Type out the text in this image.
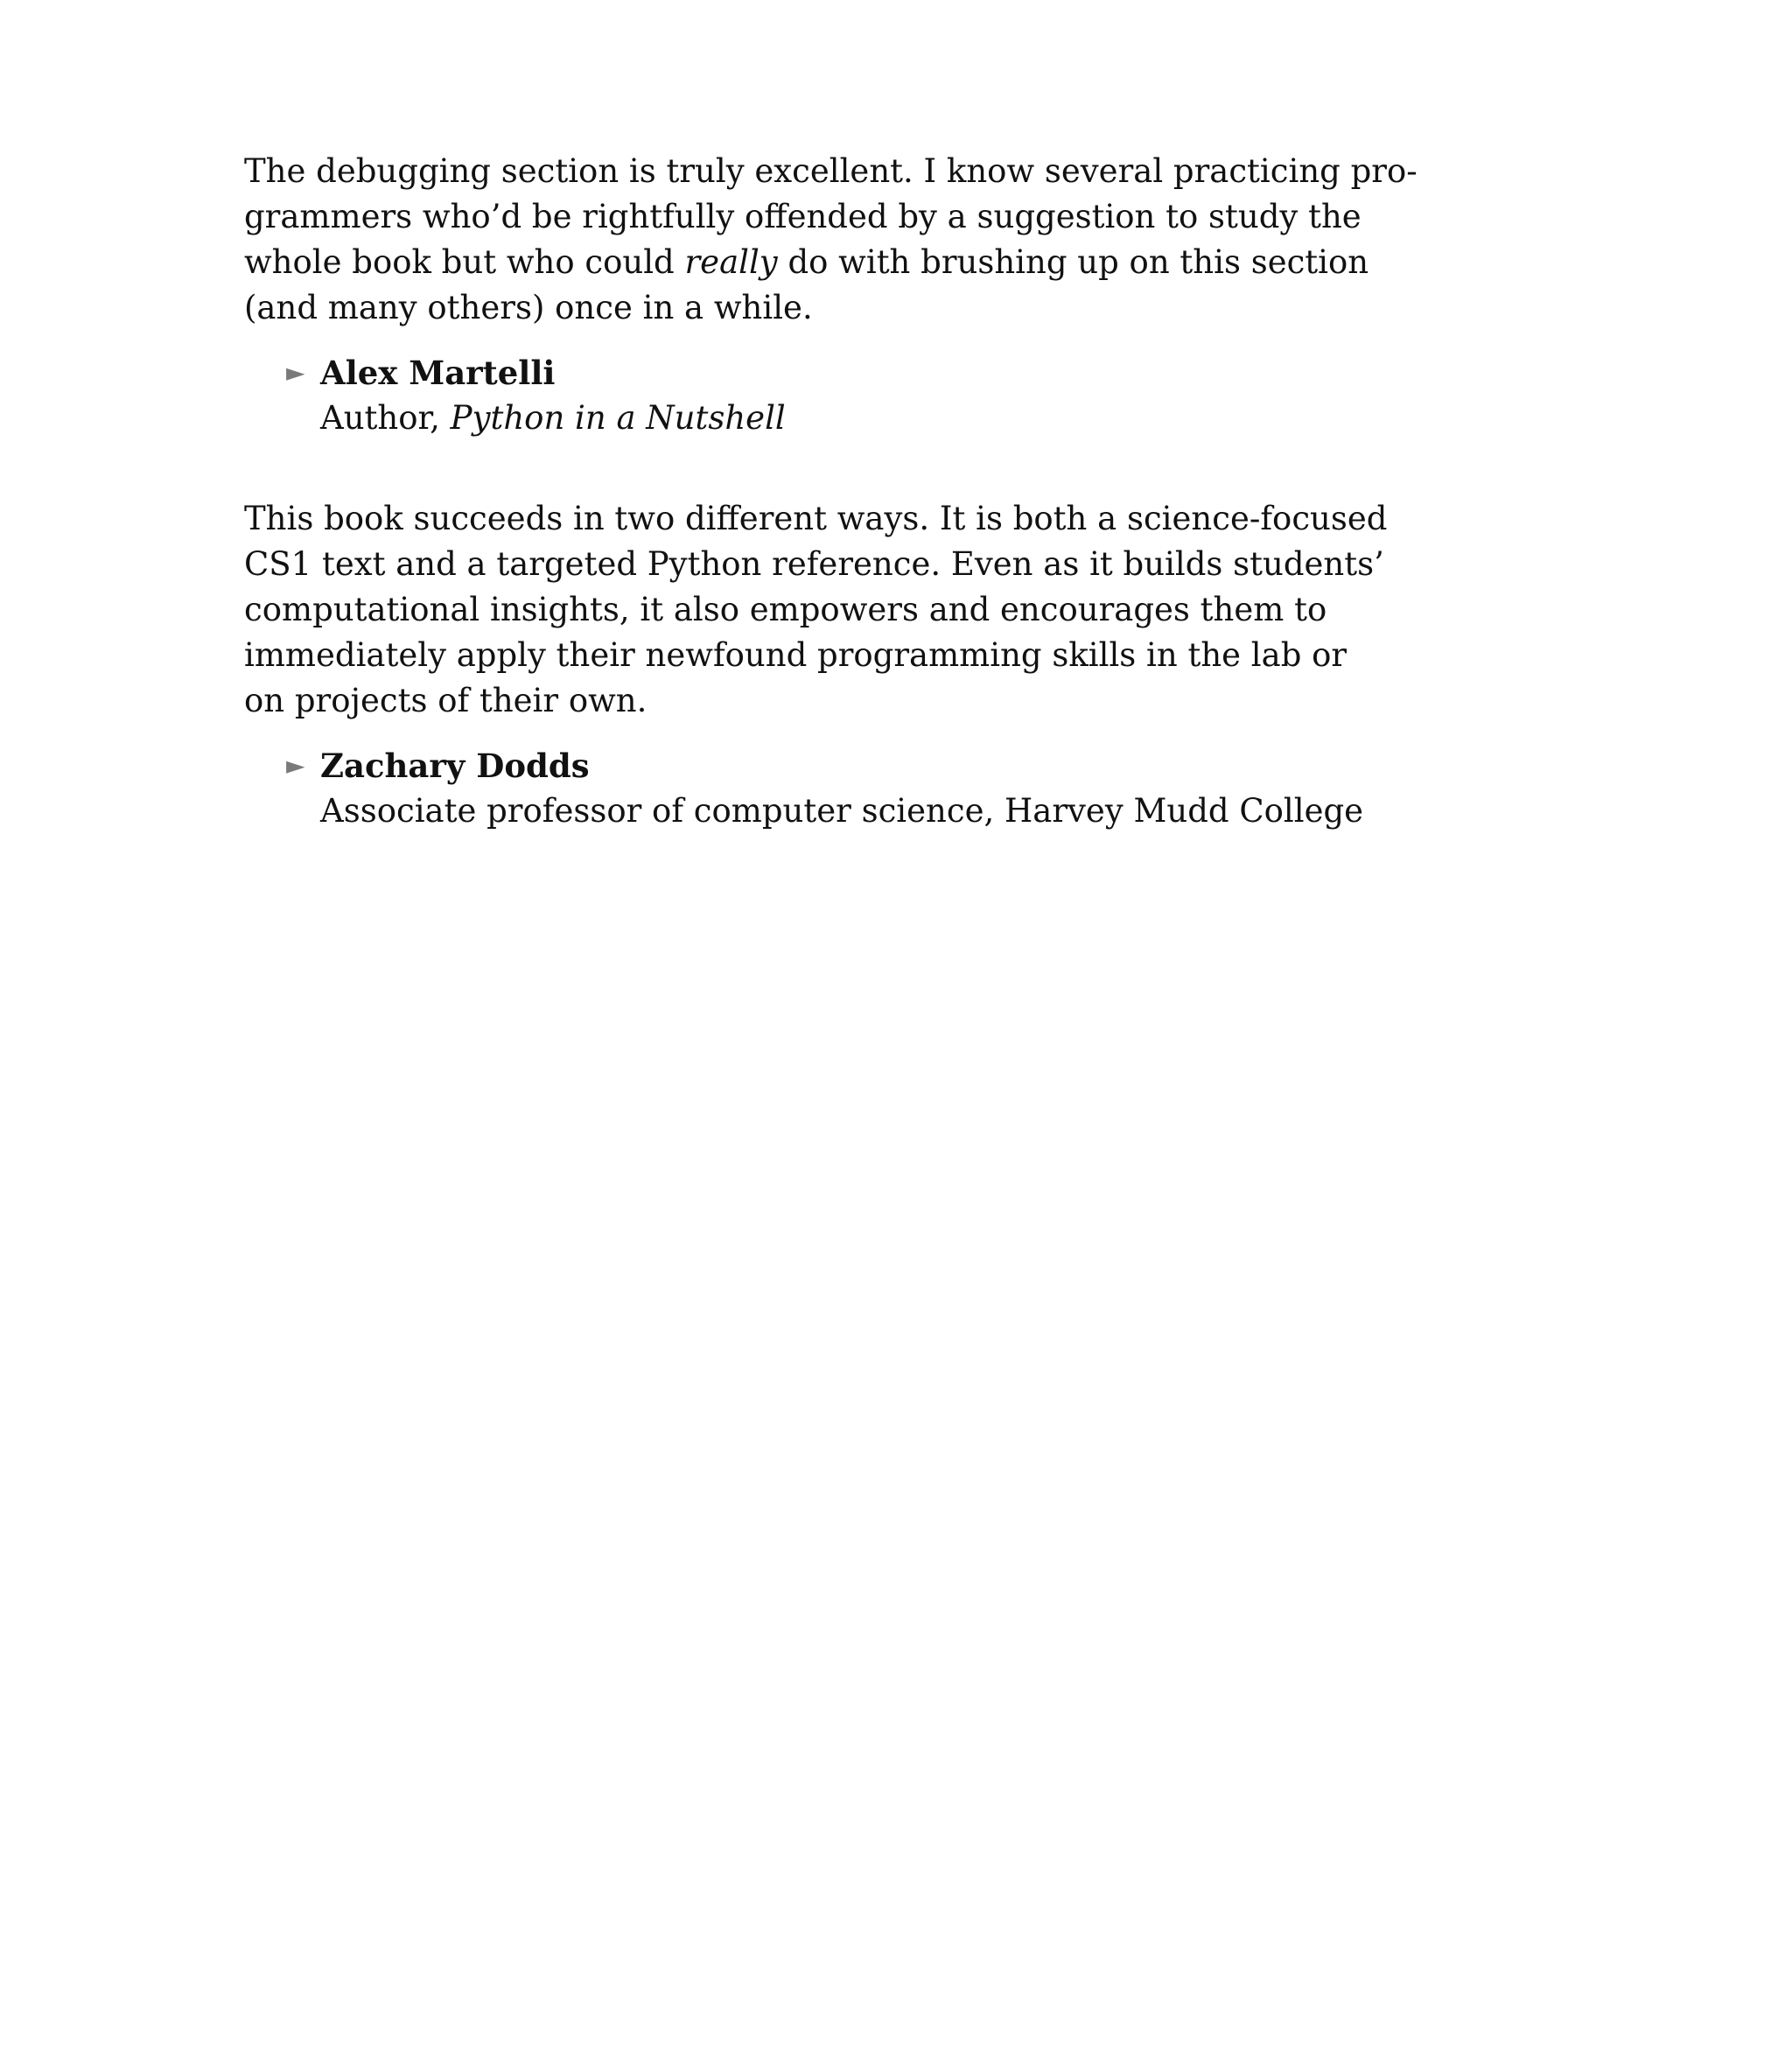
The debugging section is truly excellent. I know several practicing pro-
grammers who’d be rightfully offended by a suggestion to study the
whole book but who could really do with brushing up on this section
(and many others) once in a while.

► Alex Martelli
Author, Python in a Nutshell

This book succeeds in two different ways. It is both a science-focused
CS1 text and a targeted Python reference. Even as it builds students’
computational insights, it also empowers and encourages them to
immediately apply their newfound programming skills in the lab or
on projects of their own.

► Zachary Dodds
Associate professor of computer science, Harvey Mudd College
